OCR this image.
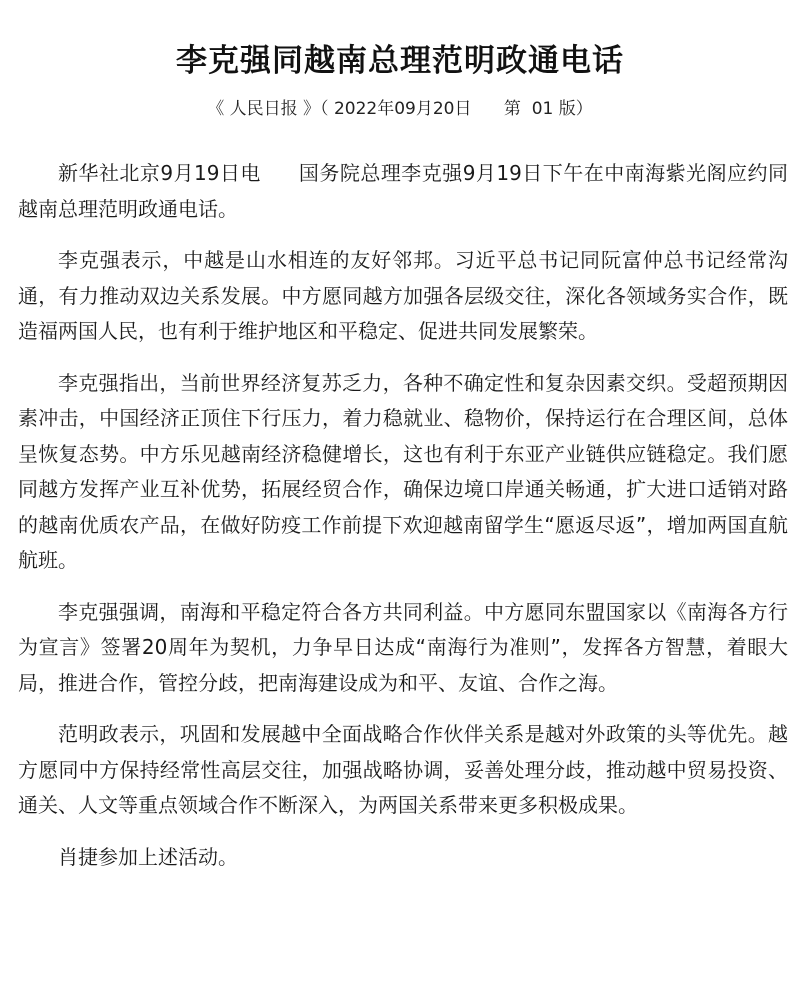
李克强同越南总理范明政通电话
《 人民日报 》（ 2022年09月20日 第  01 版）

新华社北京9月19日电 国务院总理李克强9月19日下午在中南海紫光阁应约同越南总理范明政通电话。

李克强表示，中越是山水相连的友好邻邦。习近平总书记同阮富仲总书记经常沟通，有力推动双边关系发展。中方愿同越方加强各层级交往，深化各领域务实合作，既造福两国人民，也有利于维护地区和平稳定、促进共同发展繁荣。

李克强指出，当前世界经济复苏乏力，各种不确定性和复杂因素交织。受超预期因素冲击，中国经济正顶住下行压力，着力稳就业、稳物价，保持运行在合理区间，总体呈恢复态势。中方乐见越南经济稳健增长，这也有利于东亚产业链供应链稳定。我们愿同越方发挥产业互补优势，拓展经贸合作，确保边境口岸通关畅通，扩大进口适销对路的越南优质农产品，在做好防疫工作前提下欢迎越南留学生“愿返尽返”，增加两国直航航班。

李克强强调，南海和平稳定符合各方共同利益。中方愿同东盟国家以《南海各方行为宣言》签署20周年为契机，力争早日达成“南海行为准则”，发挥各方智慧，着眼大局，推进合作，管控分歧，把南海建设成为和平、友谊、合作之海。

范明政表示，巩固和发展越中全面战略合作伙伴关系是越对外政策的头等优先。越方愿同中方保持经常性高层交往，加强战略协调，妥善处理分歧，推动越中贸易投资、通关、人文等重点领域合作不断深入，为两国关系带来更多积极成果。

肖捷参加上述活动。
